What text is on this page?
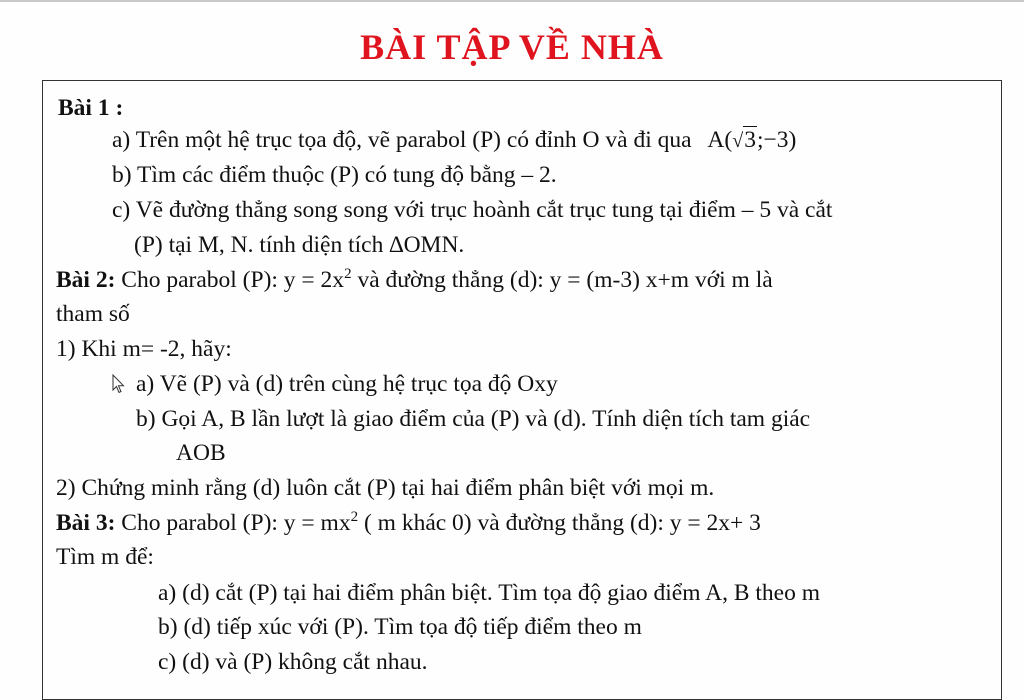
BÀI TẬP VỀ NHÀ
Bài 1 :
a) Trên một hệ trục tọa độ, vẽ parabol (P) có đỉnh O và đi qua A(√3;−3)
b) Tìm các điểm thuộc (P) có tung độ bằng – 2.
c) Vẽ đường thẳng song song với trục hoành cắt trục tung tại điểm – 5 và cắt
(P) tại M, N. tính diện tích ∆OMN.
Bài 2: Cho parabol (P): $y = 2x^2$ và đường thẳng (d): y = (m-3) x+m với m là
tham số
1) Khi m= -2, hãy:
a) Vẽ (P) và (d) trên cùng hệ trục tọa độ Oxy
b) Gọi A, B lần lượt là giao điểm của (P) và (d). Tính diện tích tam giác
AOB
2) Chứng minh rằng (d) luôn cắt (P) tại hai điểm phân biệt với mọi m.
Bài 3: Cho parabol (P): $y = mx^2$ ( m khác 0) và đường thẳng (d): y = 2x+ 3
Tìm m để:
a) (d) cắt (P) tại hai điểm phân biệt. Tìm tọa độ giao điểm A, B theo m
b) (d) tiếp xúc với (P). Tìm tọa độ tiếp điểm theo m
c) (d) và (P) không cắt nhau.
